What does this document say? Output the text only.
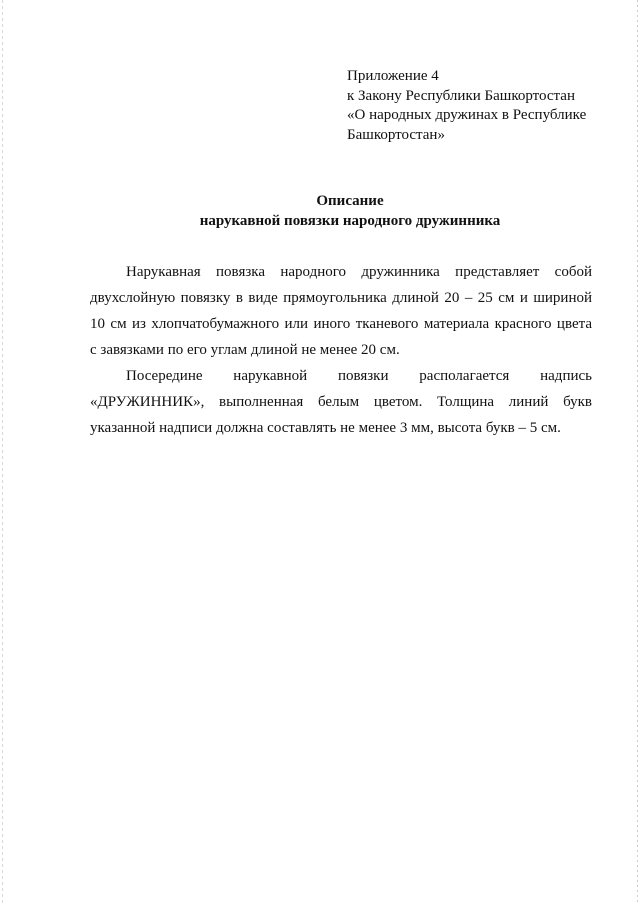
Приложение 4
к Закону Республики Башкортостан
«О народных дружинах в Республике
Башкортостан»
Описание
нарукавной повязки народного дружинника

Нарукавная повязка народного дружинника представляет собой
двухслойную повязку в виде прямоугольника длиной 20 – 25 см и шириной
10 см из хлопчатобумажного или иного тканевого материала красного цвета
с завязками по его углам длиной не менее 20 см.

Посередине нарукавной повязки располагается надпись
«ДРУЖИННИК», выполненная белым цветом. Толщина линий букв
указанной надписи должна составлять не менее 3 мм, высота букв – 5 см.
